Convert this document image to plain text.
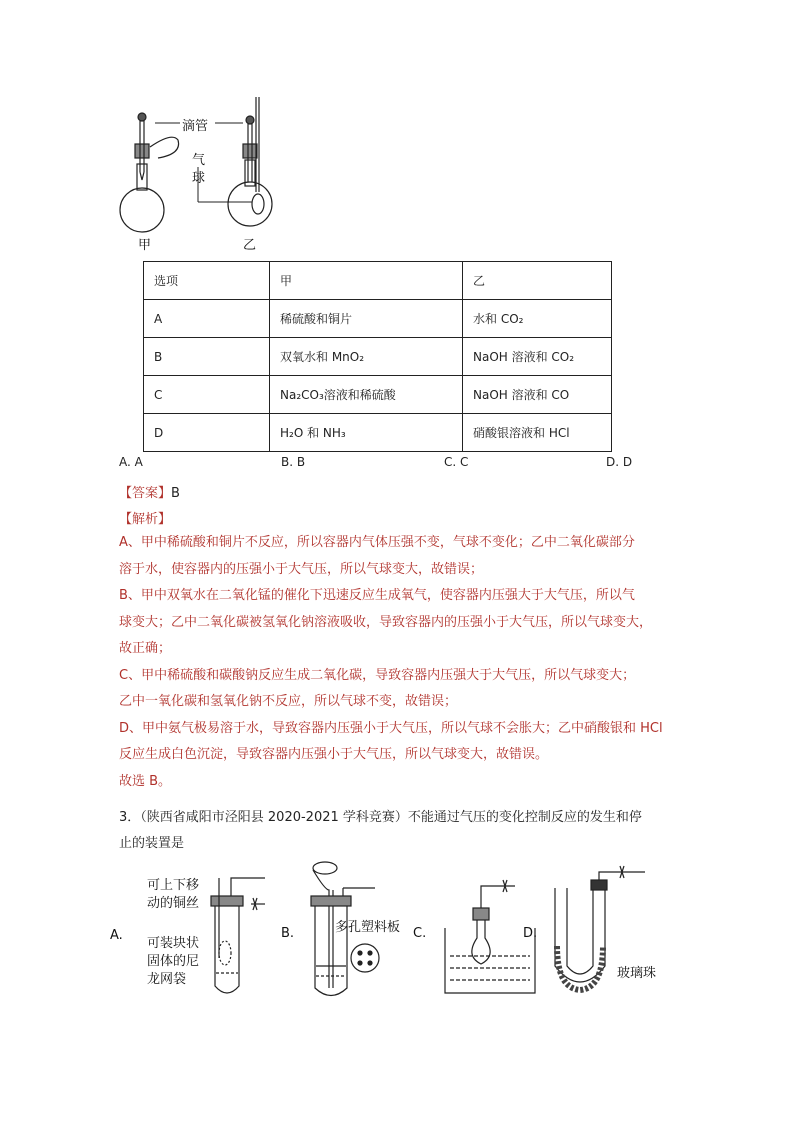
滴管
气
球
甲	乙
选项	甲	乙
A	稀硫酸和铜片	水和 CO₂
B	双氧水和 MnO₂	NaOH 溶液和 CO₂
C	Na₂CO₃溶液和稀硫酸	NaOH 溶液和 CO
D	H₂O 和 NH₃	硝酸银溶液和 HCl
A. A	B. B	C. C	D. D
【答案】B
【解析】
A、甲中稀硫酸和铜片不反应，所以容器内气体压强不变，气球不变化；乙中二氧化碳部分
溶于水，使容器内的压强小于大气压，所以气球变大，故错误；
B、甲中双氧水在二氧化锰的催化下迅速反应生成氧气，使容器内压强大于大气压，所以气
球变大；乙中二氧化碳被氢氧化钠溶液吸收，导致容器内的压强小于大气压，所以气球变大，
故正确；
C、甲中稀硫酸和碳酸钠反应生成二氧化碳，导致容器内压强大于大气压，所以气球变大；
乙中一氧化碳和氢氧化钠不反应，所以气球不变，故错误；
D、甲中氨气极易溶于水，导致容器内压强小于大气压，所以气球不会胀大；乙中硝酸银和 HCl
反应生成白色沉淀，导致容器内压强小于大气压，所以气球变大，故错误。
故选 B。
3．（陕西省咸阳市泾阳县 2020-2021 学科竞赛）不能通过气压的变化控制反应的发生和停
止的装置是
A.
可上下移
动的铜丝
可装块状
固体的尼
龙网袋
B.	多孔塑料板 C.	D.
玻璃珠
